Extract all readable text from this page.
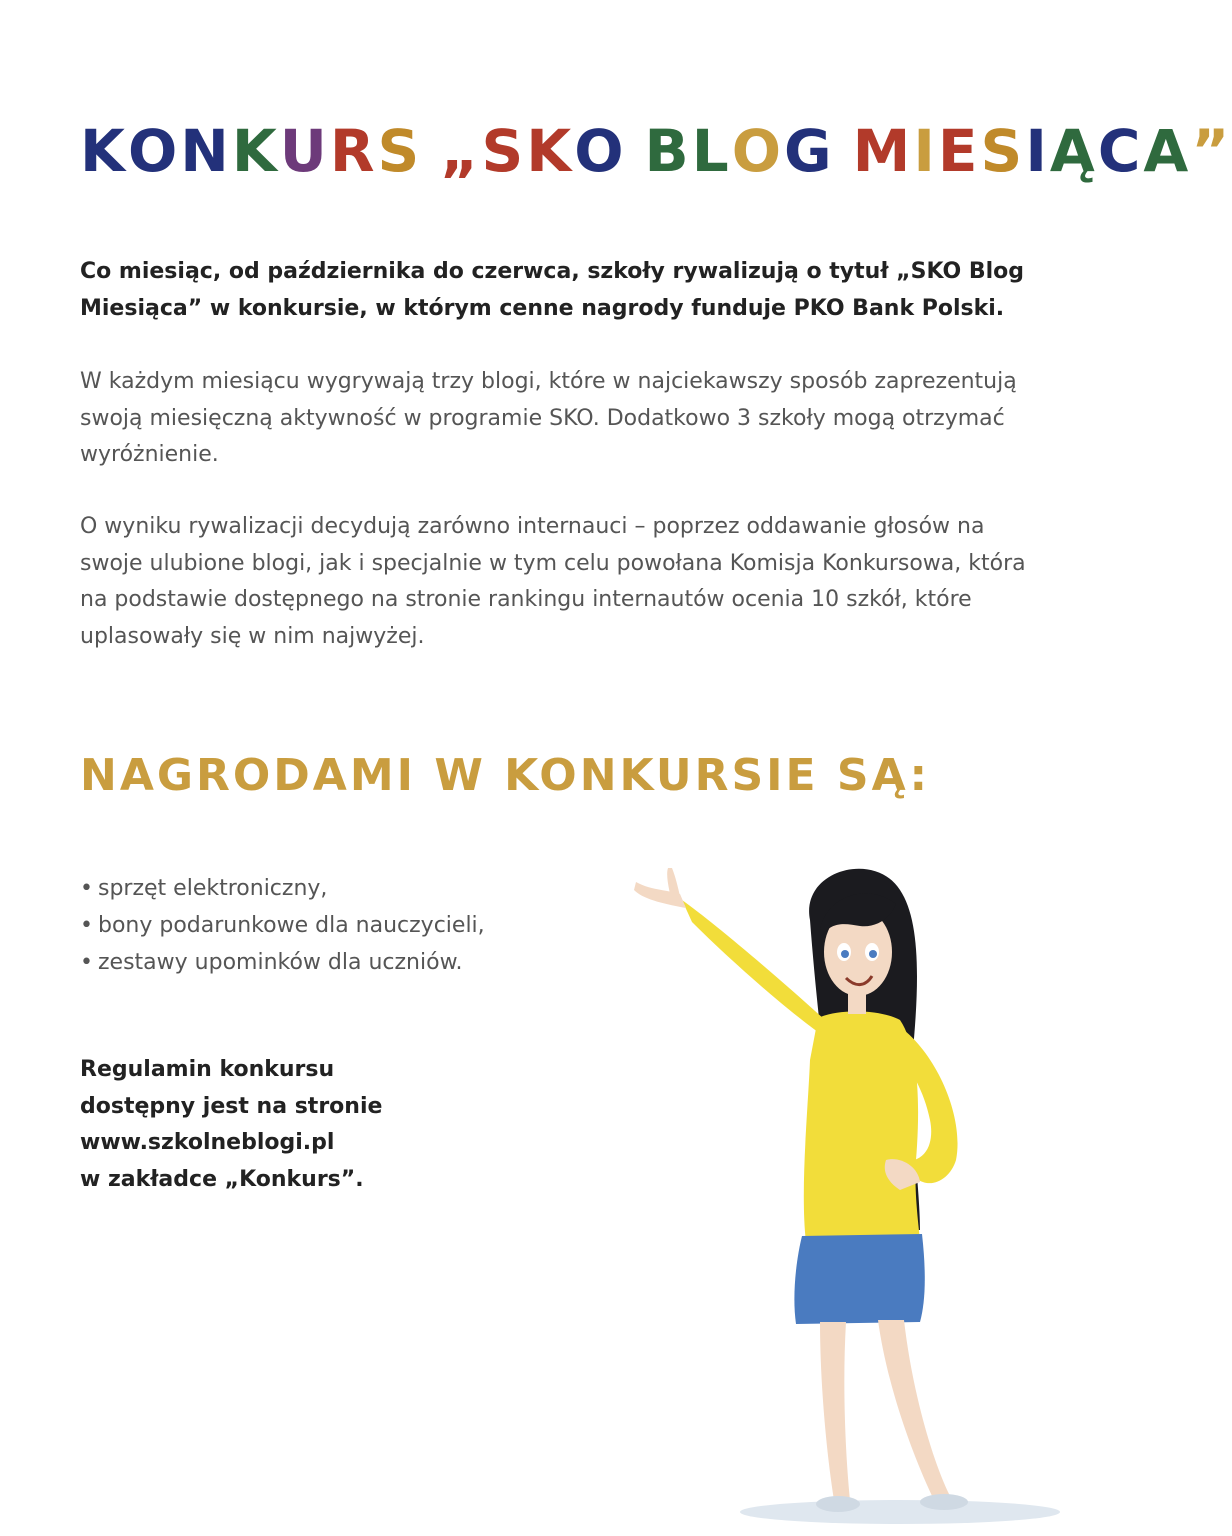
KONKURS „SKO BLOG MIESIĄCA”

Co miesiąc, od października do czerwca, szkoły rywalizują o tytuł „SKO Blog
Miesiąca” w konkursie, w którym cenne nagrody funduje PKO Bank Polski.

W każdym miesiącu wygrywają trzy blogi, które w najciekawszy sposób zaprezentują
swoją miesięczną aktywność w programie SKO. Dodatkowo 3 szkoły mogą otrzymać
wyróżnienie.

O wyniku rywalizacji decydują zarówno internauci – poprzez oddawanie głosów na
swoje ulubione blogi, jak i specjalnie w tym celu powołana Komisja Konkursowa, która
na podstawie dostępnego na stronie rankingu internautów ocenia 10 szkół, które
uplasowały się w nim najwyżej.

NAGRODAMI W KONKURSIE SĄ:
• sprzęt elektroniczny,
• bony podarunkowe dla nauczycieli,
• zestawy upominków dla uczniów.

Regulamin konkursu
dostępny jest na stronie
www.szkolneblogi.pl
w zakładce „Konkurs”.
